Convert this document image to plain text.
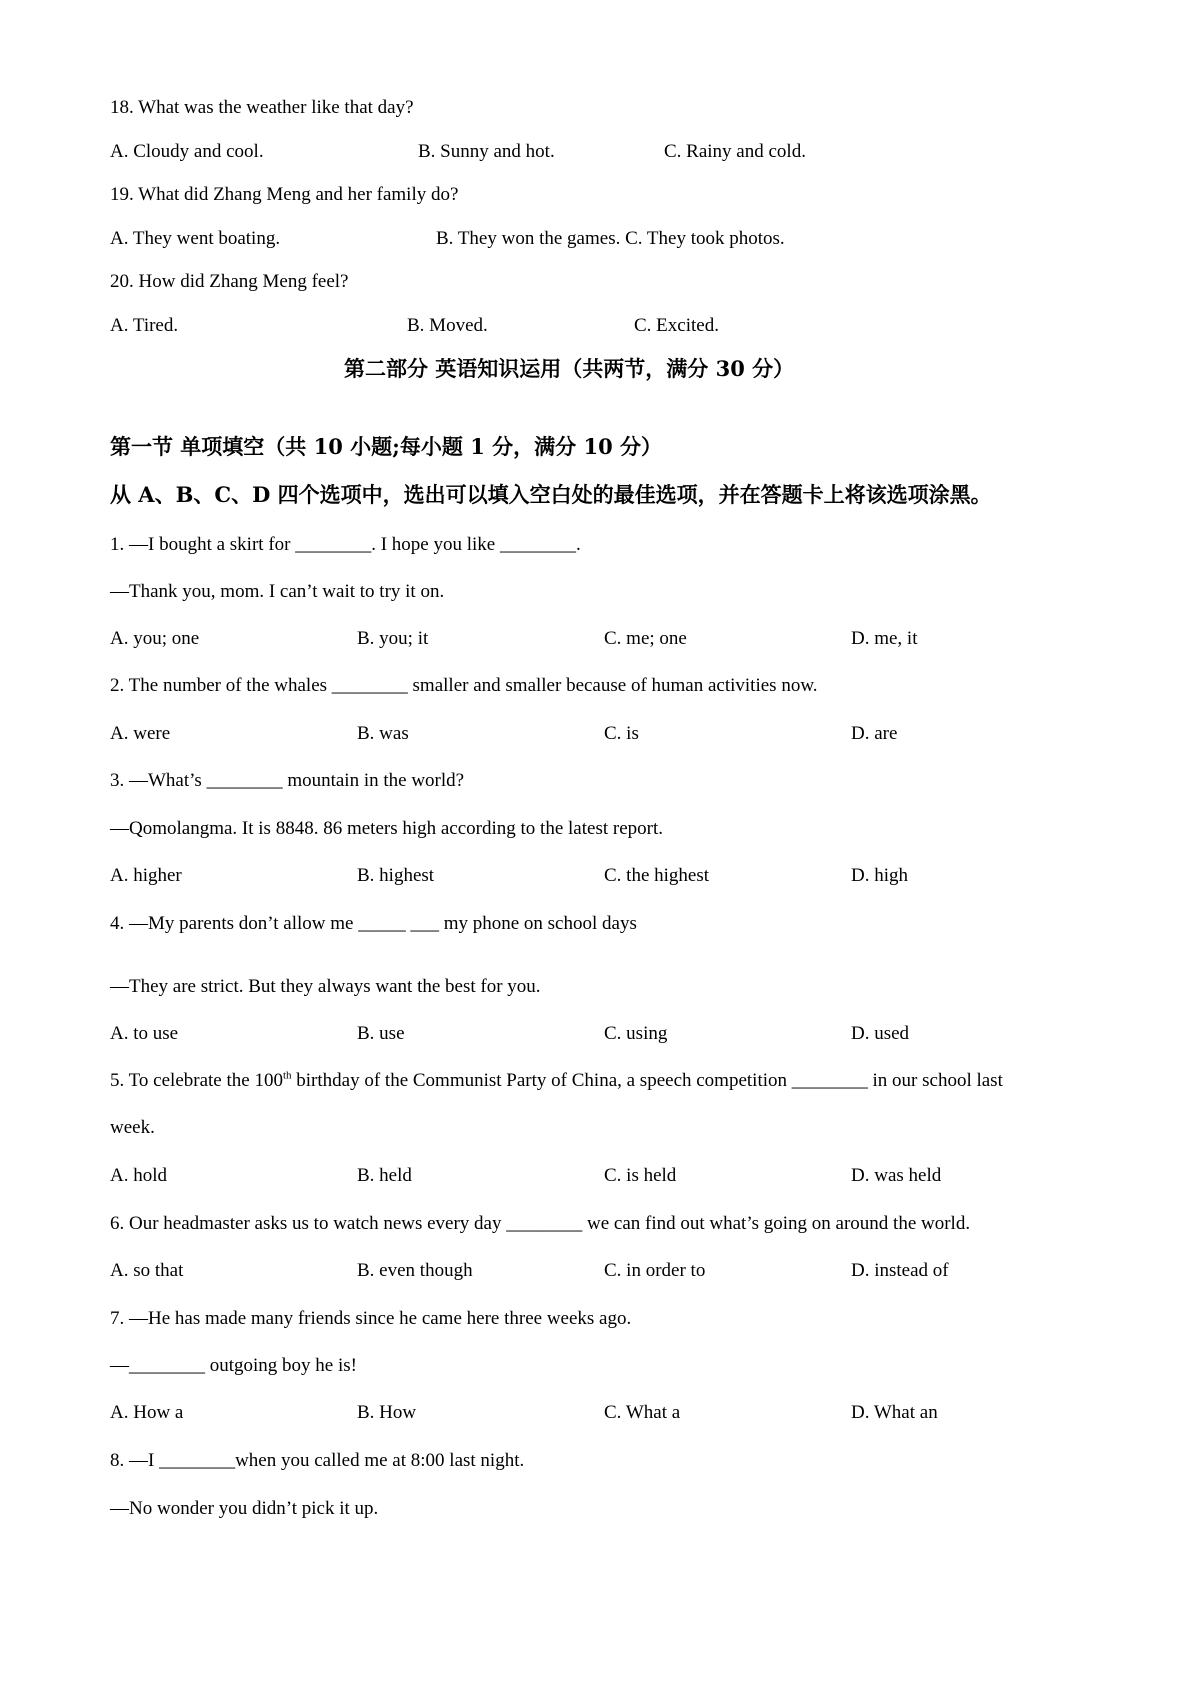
18. What was the weather like that day?
A. Cloudy and cool.	B. Sunny and hot.	C. Rainy and cold.
19. What did Zhang Meng and her family do?
A. They went boating.	B. They won the games. C. They took photos.
20. How did Zhang Meng feel?
A. Tired.	B. Moved.	C. Excited.
第二部分 英语知识运用（共两节，满分 30 分）
第一节 单项填空（共 10 小题;每小题 1 分，满分 10 分）
从 A、B、C、D 四个选项中，选出可以填入空白处的最佳选项，并在答题卡上将该选项涂黑。
1. —I bought a skirt for ________. I hope you like ________.
—Thank you, mom. I can’t wait to try it on.
A. you; one	B. you; it	C. me; one	D. me, it
2. The number of the whales ________ smaller and smaller because of human activities now.
A. were	B. was	C. is	D. are
3. —What’s ________ mountain in the world?
—Qomolangma. It is 8848. 86 meters high according to the latest report.
A. higher	B. highest	C. the highest	D. high
4. —My parents don’t allow me _____ ___ my phone on school days
—They are strict. But they always want the best for you.
A. to use	B. use	C. using	D. used
5. To celebrate the 100th birthday of the Communist Party of China, a speech competition ________ in our school last
week.
A. hold	B. held	C. is held	D. was held
6. Our headmaster asks us to watch news every day ________ we can find out what’s going on around the world.
A. so that	B. even though	C. in order to	D. instead of
7. —He has made many friends since he came here three weeks ago.
—________ outgoing boy he is!
A. How a	B. How	C. What a	D. What an
8. —I ________when you called me at 8:00 last night.
—No wonder you didn’t pick it up.
